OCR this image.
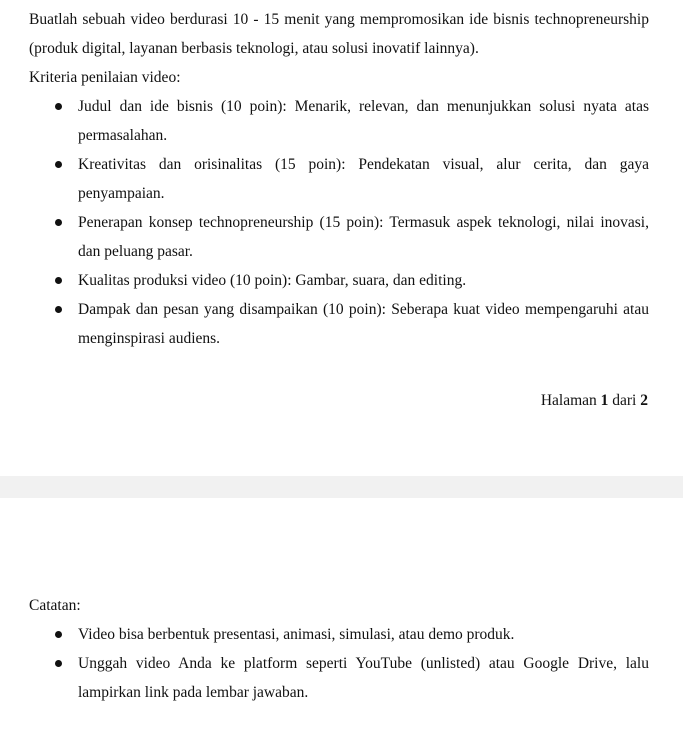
Buatlah sebuah video berdurasi 10 - 15 menit yang mempromosikan ide bisnis technopreneurship (produk digital, layanan berbasis teknologi, atau solusi inovatif lainnya).

Kriteria penilaian video:

Judul dan ide bisnis (10 poin): Menarik, relevan, dan menunjukkan solusi nyata atas permasalahan.

Kreativitas dan orisinalitas (15 poin): Pendekatan visual, alur cerita, dan gaya penyampaian.

Penerapan konsep technopreneurship (15 poin): Termasuk aspek teknologi, nilai inovasi, dan peluang pasar.

Kualitas produksi video (10 poin): Gambar, suara, dan editing.

Dampak dan pesan yang disampaikan (10 poin): Seberapa kuat video mempengaruhi atau menginspirasi audiens.

Halaman 1 dari 2

Catatan:

Video bisa berbentuk presentasi, animasi, simulasi, atau demo produk.

Unggah video Anda ke platform seperti YouTube (unlisted) atau Google Drive, lalu lampirkan link pada lembar jawaban.
